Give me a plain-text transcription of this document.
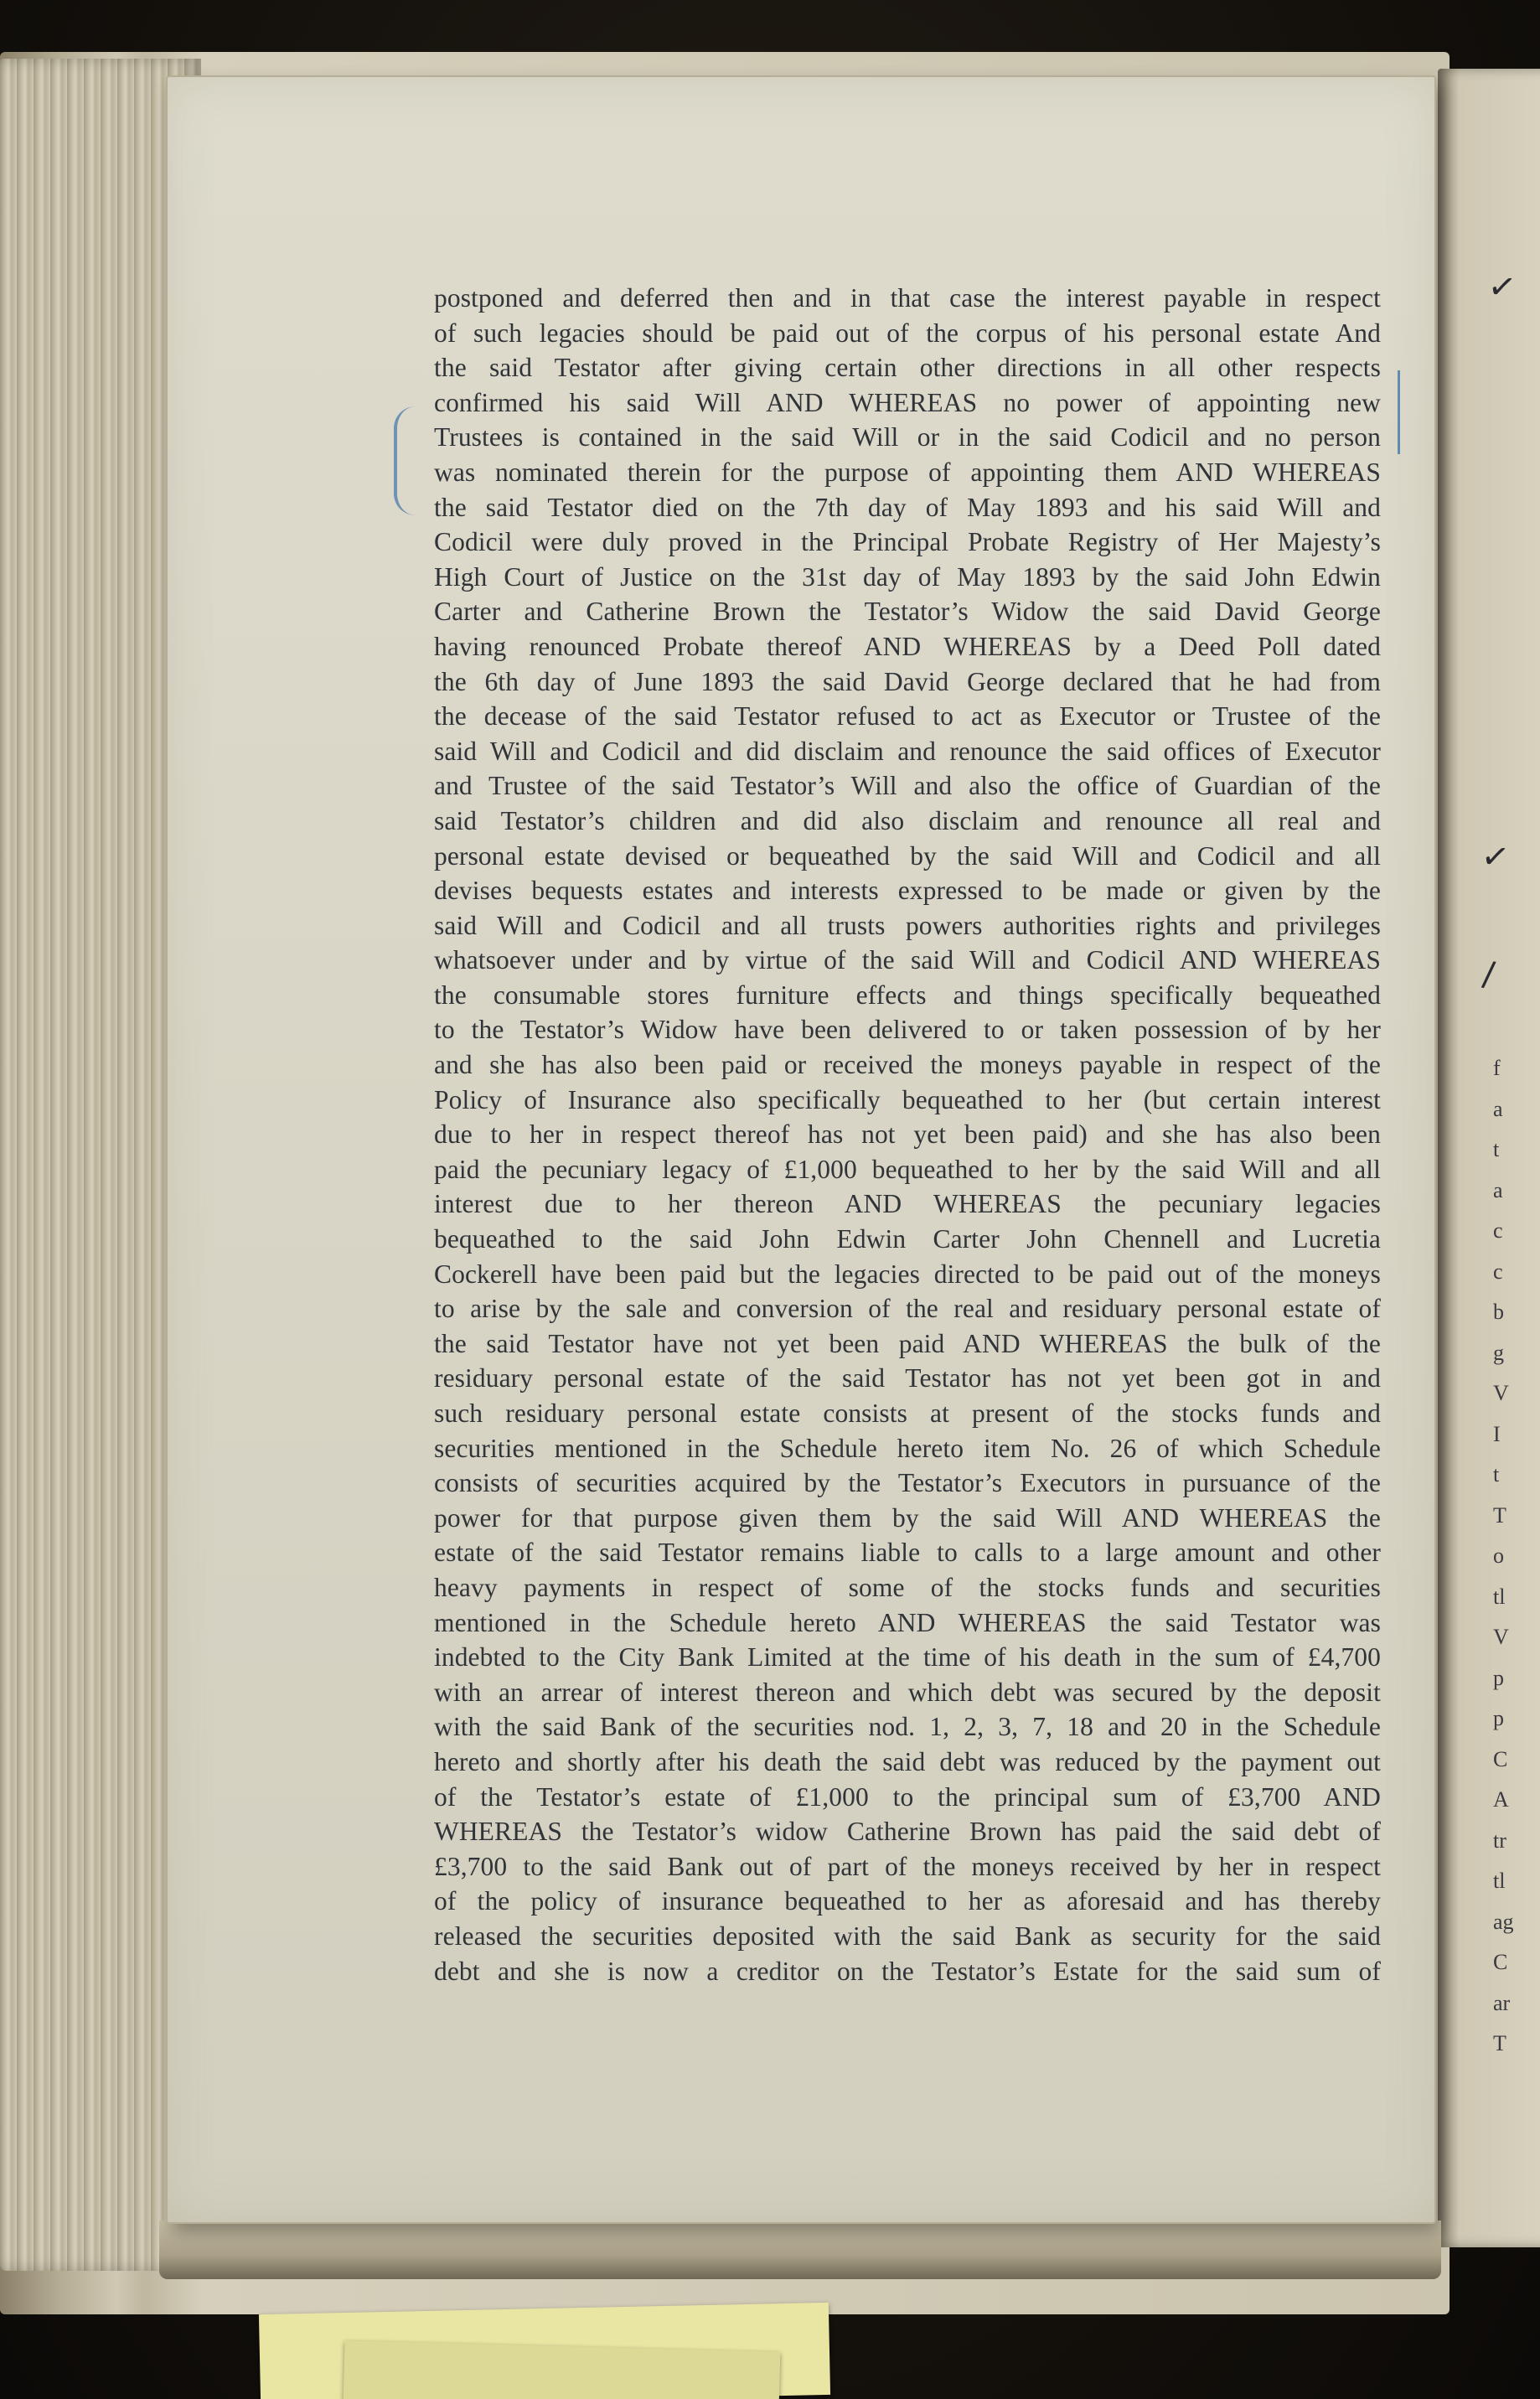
f
a
t
a
c
c
b
g
V
I
t
T
o
tl
V
p
p
C
A
tr
tl
ag
C
ar
T
✓
✓
/
postponed and deferred then and in that case the interest payable in respect
of such legacies should be paid out of the corpus of his personal estate And
the said Testator after giving certain other directions in all other respects
confirmed his said Will AND WHEREAS no power of appointing new
Trustees is contained in the said Will or in the said Codicil and no person
was nominated therein for the purpose of appointing them AND WHEREAS
the said Testator died on the 7th day of May 1893 and his said Will and
Codicil were duly proved in the Principal Probate Registry of Her Majesty’s
High Court of Justice on the 31st day of May 1893 by the said John Edwin
Carter and Catherine Brown the Testator’s Widow the said David George
having renounced Probate thereof AND WHEREAS by a Deed Poll dated
the 6th day of June 1893 the said David George declared that he had from
the decease of the said Testator refused to act as Executor or Trustee of the
said Will and Codicil and did disclaim and renounce the said offices of Executor
and Trustee of the said Testator’s Will and also the office of Guardian of the
said Testator’s children and did also disclaim and renounce all real and
personal estate devised or bequeathed by the said Will and Codicil and all
devises bequests estates and interests expressed to be made or given by the
said Will and Codicil and all trusts powers authorities rights and privileges
whatsoever under and by virtue of the said Will and Codicil AND WHEREAS
the consumable stores furniture effects and things specifically bequeathed
to the Testator’s Widow have been delivered to or taken possession of by her
and she has also been paid or received the moneys payable in respect of the
Policy of Insurance also specifically bequeathed to her (but certain interest
due to her in respect thereof has not yet been paid) and she has also been
paid the pecuniary legacy of £1,000 bequeathed to her by the said Will and all
interest due to her thereon AND WHEREAS the pecuniary legacies
bequeathed to the said John Edwin Carter John Chennell and Lucretia
Cockerell have been paid but the legacies directed to be paid out of the moneys
to arise by the sale and conversion of the real and residuary personal estate of
the said Testator have not yet been paid AND WHEREAS the bulk of the
residuary personal estate of the said Testator has not yet been got in and
such residuary personal estate consists at present of the stocks funds and
securities mentioned in the Schedule hereto item No. 26 of which Schedule
consists of securities acquired by the Testator’s Executors in pursuance of the
power for that purpose given them by the said Will AND WHEREAS the
estate of the said Testator remains liable to calls to a large amount and other
heavy payments in respect of some of the stocks funds and securities
mentioned in the Schedule hereto AND WHEREAS the said Testator was
indebted to the City Bank Limited at the time of his death in the sum of £4,700
with an arrear of interest thereon and which debt was secured by the deposit
with the said Bank of the securities nod. 1, 2, 3, 7, 18 and 20 in the Schedule
hereto and shortly after his death the said debt was reduced by the payment out
of the Testator’s estate of £1,000 to the principal sum of £3,700 AND
WHEREAS the Testator’s widow Catherine Brown has paid the said debt of
£3,700 to the said Bank out of part of the moneys received by her in respect
of the policy of insurance bequeathed to her as aforesaid and has thereby
released the securities deposited with the said Bank as security for the said
debt and she is now a creditor on the Testator’s Estate for the said sum of
